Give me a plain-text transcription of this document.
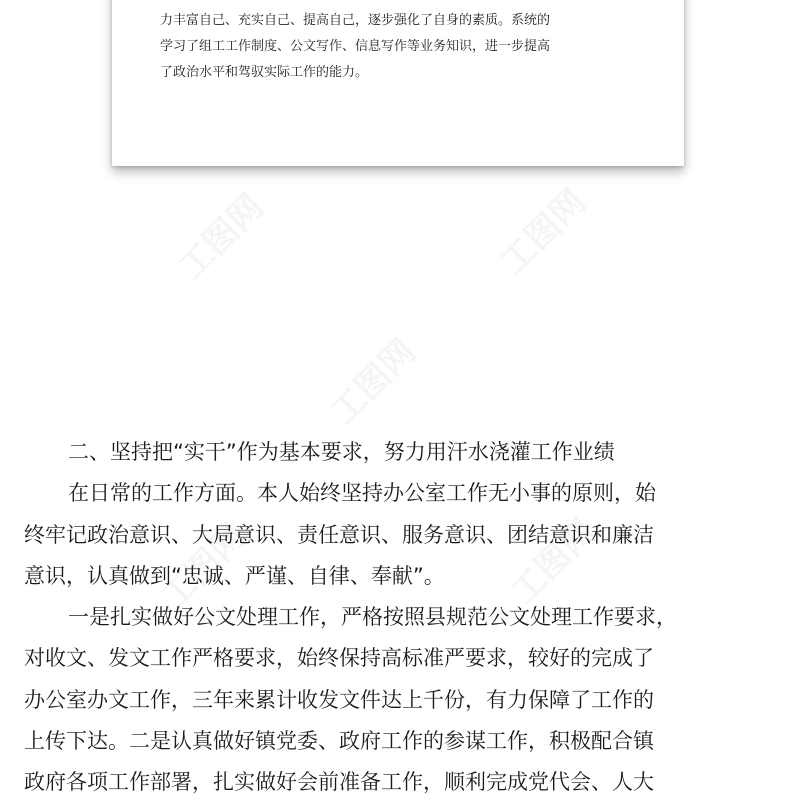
力丰富自己、充实自己、提高自己，逐步强化了自身的素质。系统的
学习了组工工作制度、公文写作、信息写作等业务知识，进一步提高
了政治水平和驾驭实际工作的能力。

二、坚持把“实干”作为基本要求，努力用汗水浇灌工作业绩
在日常的工作方面。本人始终坚持办公室工作无小事的原则，始
终牢记政治意识、大局意识、责任意识、服务意识、团结意识和廉洁
意识，认真做到“忠诚、严谨、自律、奉献”。
一是扎实做好公文处理工作，严格按照县规范公文处理工作要求，
对收文、发文工作严格要求，始终保持高标准严要求，较好的完成了
办公室办文工作，三年来累计收发文件达上千份，有力保障了工作的
上传下达。二是认真做好镇党委、政府工作的参谋工作，积极配合镇
政府各项工作部署，扎实做好会前准备工作，顺利完成党代会、人大
